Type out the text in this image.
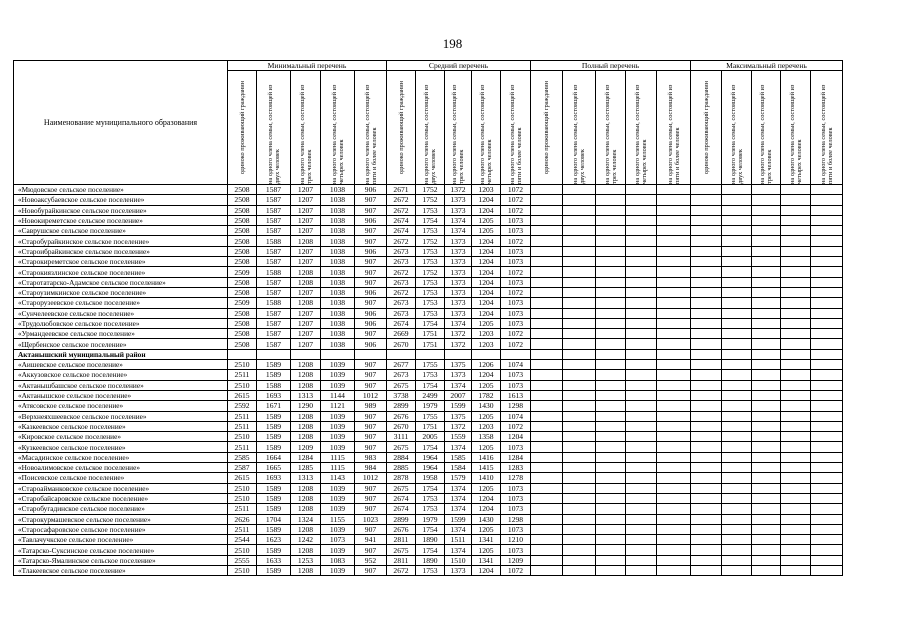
198
Наименование муниципального образования	Минимальный перечень					Средний перечень					Полный перечень					Максимальный перечень				

	одиноко проживающий гражданин	на одного члена семьи, состоящей из двух человек	на одного члена семьи, состоящей из трех человек	на одного члена семьи, состоящей из четырех человек	на одного члена семьи, состоящей из пяти и более человек	одиноко проживающий гражданин	на одного члена семьи, состоящей из двух человек	на одного члена семьи, состоящей из трех человек	на одного члена семьи, состоящей из четырех человек	на одного члена семьи, состоящей из пяти и более человек	одиноко проживающий гражданин	на одного члена семьи, состоящей из двух человек	на одного члена семьи, состоящей из трех человек	на одного члена семьи, состоящей из четырех человек	на одного члена семьи, состоящей из пяти и более человек	одиноко проживающий гражданин	на одного члена семьи, состоящей из двух человек	на одного члена семьи, состоящей из трех человек	на одного члена семьи, состоящей из четырех человек	на одного члена семьи, состоящей из пяти и более человек

«Мюдовское сельское поселение»	2508	1587	1207	1038	906	2671	1752	1372	1203	1072										
«Новоаксубаевское сельское поселение»	2508	1587	1207	1038	907	2672	1752	1373	1204	1072										
«Новобурайкинское сельское поселение»	2508	1587	1207	1038	907	2672	1753	1373	1204	1072										
«Новокиреметское сельское поселение»	2508	1587	1207	1038	906	2674	1754	1374	1205	1073										
«Саврушское сельское поселение»	2508	1587	1207	1038	907	2674	1753	1374	1205	1073										
«Старобурайкинское сельское поселение»	2508	1588	1208	1038	907	2672	1752	1373	1204	1072										
«Староибрайкинское сельское поселение»	2508	1587	1207	1038	906	2673	1753	1373	1204	1073										
«Старокиреметское сельское поселение»	2508	1587	1207	1038	907	2673	1753	1373	1204	1073										
«Старокиязлинское сельское поселение»	2509	1588	1208	1038	907	2672	1752	1373	1204	1072										
«Старотатарско-Адамское сельское поселение»	2508	1587	1208	1038	907	2673	1753	1373	1204	1073										
«Староузимкинское сельское поселение»	2508	1587	1207	1038	906	2672	1753	1373	1204	1072										
«Старорузеевское сельское поселение»	2509	1588	1208	1038	907	2673	1753	1373	1204	1073										
«Сунчелеевское сельское поселение»	2508	1587	1207	1038	906	2673	1753	1373	1204	1073										
«Трудолюбовское сельское поселение»	2508	1587	1207	1038	906	2674	1754	1374	1205	1073										
«Урмандеевское сельское поселение»	2508	1587	1207	1038	907	2669	1751	1372	1203	1072										
«Щербенское сельское поселение»	2508	1587	1207	1038	906	2670	1751	1372	1203	1072										
Актанышский муниципальный район																				
«Аишевское сельское поселение»	2510	1589	1208	1039	907	2677	1755	1375	1206	1074										
«Аккузовское сельское поселение»	2511	1589	1208	1039	907	2673	1753	1373	1204	1073										
«Актанышбашское сельское поселение»	2510	1588	1208	1039	907	2675	1754	1374	1205	1073										
«Актанышское сельское поселение»	2615	1693	1313	1144	1012	3738	2499	2007	1782	1613										
«Атясовское сельское поселение»	2592	1671	1290	1121	989	2899	1979	1599	1430	1298										
«Верхнеяхшеевское сельское поселение»	2511	1589	1208	1039	907	2676	1755	1375	1205	1074										
«Казкеевское сельское поселение»	2511	1589	1208	1039	907	2670	1751	1372	1203	1072										
«Кировское сельское поселение»	2510	1589	1208	1039	907	3111	2005	1559	1358	1204										
«Кузкеевское сельское поселение»	2511	1589	1209	1039	907	2675	1754	1374	1205	1073										
«Масадинское сельское поселение»	2585	1664	1284	1115	983	2884	1964	1585	1416	1284										
«Новоалимовское сельское поселение»	2587	1665	1285	1115	984	2885	1964	1584	1415	1283										
«Поисевское сельское поселение»	2615	1693	1313	1143	1012	2878	1958	1579	1410	1278										
«Староайманковское сельское поселение»	2510	1589	1208	1039	907	2675	1754	1374	1205	1073										
«Старобайсаровское сельское поселение»	2510	1589	1208	1039	907	2674	1753	1374	1204	1073										
«Старобугадинское сельское поселение»	2511	1589	1208	1039	907	2674	1753	1374	1204	1073										
«Старокурмашевское сельское поселение»	2626	1704	1324	1155	1023	2899	1979	1599	1430	1298										
«Старосафаровское сельское поселение»	2511	1589	1208	1039	907	2676	1754	1374	1205	1073										
«Тавлачучкское сельское поселение»	2544	1623	1242	1073	941	2811	1890	1511	1341	1210										
«Татарско-Суксинское сельское поселение»	2510	1589	1208	1039	907	2675	1754	1374	1205	1073										
«Татарско-Ямалинское сельское поселение»	2555	1633	1253	1083	952	2811	1890	1510	1341	1209										
«Тлакеевское сельское поселение»	2510	1589	1208	1039	907	2672	1753	1373	1204	1072										
